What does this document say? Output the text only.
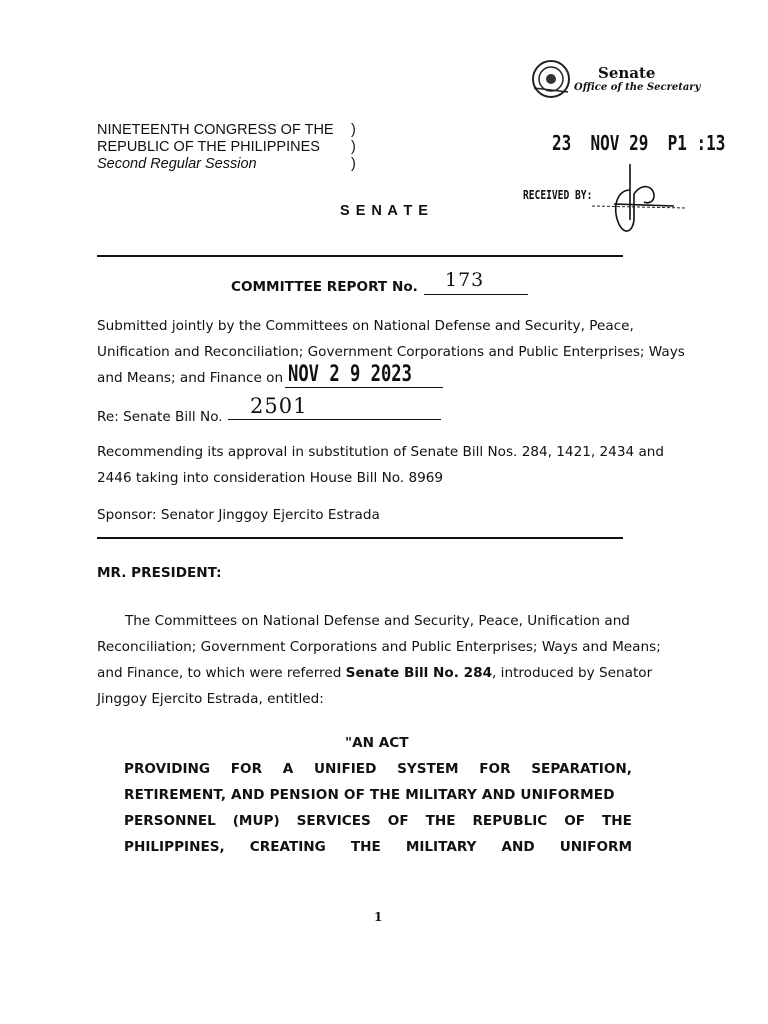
Senate
Office of the Secretary
NINETEENTH CONGRESS OF THE
REPUBLIC OF THE PHILIPPINES
Second Regular Session
)
)
)
23  NOV 29  P1 :13
RECEIVED BY:
S E N A T E
COMMITTEE REPORT No. 173
Submitted jointly by the Committees on National Defense and Security, Peace,
Unification and Reconciliation; Government Corporations and Public Enterprises; Ways
and Means; and Finance on NOV 2 9 2023
Re: Senate Bill No. 2501
Recommending its approval in substitution of Senate Bill Nos. 284, 1421, 2434 and
2446 taking into consideration House Bill No. 8969
Sponsor: Senator Jinggoy Ejercito Estrada
MR. PRESIDENT:
The Committees on National Defense and Security, Peace, Unification and
Reconciliation; Government Corporations and Public Enterprises; Ways and Means;
and Finance, to which were referred Senate Bill No. 284, introduced by Senator
Jinggoy Ejercito Estrada, entitled:
"AN ACT
PROVIDING FOR A UNIFIED SYSTEM FOR SEPARATION,
RETIREMENT, AND PENSION OF THE MILITARY AND UNIFORMED
PERSONNEL (MUP) SERVICES OF THE REPUBLIC OF THE
PHILIPPINES, CREATING THE MILITARY AND UNIFORM
1
